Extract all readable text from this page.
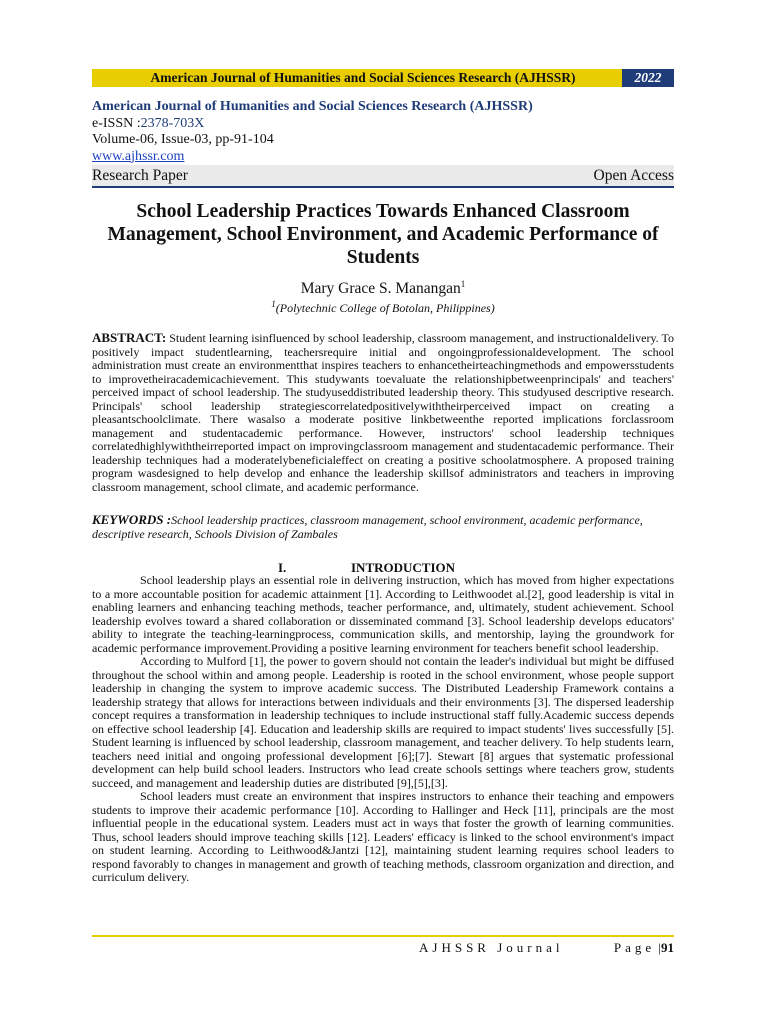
American Journal of Humanities and Social Sciences Research (AJHSSR)	2022
American Journal of Humanities and Social Sciences Research (AJHSSR)
e-ISSN :2378-703X
Volume-06, Issue-03, pp-91-104
www.ajhssr.com
Research Paper	Open Access
School Leadership Practices Towards Enhanced Classroom Management, School Environment, and Academic Performance of Students
Mary Grace S. Manangan$^1$
$^1$(Polytechnic College of Botolan, Philippines)
ABSTRACT: Student learning isinfluenced by school leadership, classroom management, and instructionaldelivery. To positively impact studentlearning, teachersrequire initial and ongoingprofessionaldevelopment. The school administration must create an environmentthat inspires teachers to enhancetheirteachingmethods and empowersstudents to improvetheiracademicachievement. This studywants toevaluate the relationshipbetweenprincipals' and teachers' perceived impact of school leadership. The studyuseddistributed leadership theory. This studyused descriptive research. Principals' school leadership strategiescorrelatedpositivelywiththeirperceived impact on creating a pleasantschoolclimate. There wasalso a moderate positive linkbetweenthe reported implications forclassroom management and studentacademic performance. However, instructors' school leadership techniques correlatedhighlywiththeirreported impact on improvingclassroom management and studentacademic performance. Their leadership techniques had a moderatelybeneficialeffect on creating a positive schoolatmosphere. A proposed training program wasdesigned to help develop and enhance the leadership skillsof administrators and teachers in improving classroom management, school climate, and academic performance.
KEYWORDS :School leadership practices, classroom management, school environment, academic performance, descriptive research, Schools Division of Zambales
I.	INTRODUCTION

School leadership plays an essential role in delivering instruction, which has moved from higher expectations to a more accountable position for academic attainment [1]. According to Leithwoodet al.[2], good leadership is vital in enabling learners and enhancing teaching methods, teacher performance, and, ultimately, student achievement. School leadership evolves toward a shared collaboration or disseminated command [3]. School leadership develops educators' ability to integrate the teaching-learningprocess, communication skills, and mentorship, laying the groundwork for academic performance improvement.Providing a positive learning environment for teachers benefit school leadership.

According to Mulford [1], the power to govern should not contain the leader's individual but might be diffused throughout the school within and among people. Leadership is rooted in the school environment, whose people support leadership in changing the system to improve academic success. The Distributed Leadership Framework contains a leadership strategy that allows for interactions between individuals and their environments [3]. The dispersed leadership concept requires a transformation in leadership techniques to include instructional staff fully.Academic success depends on effective school leadership [4]. Education and leadership skills are required to impact students' lives successfully [5]. Student learning is influenced by school leadership, classroom management, and teacher delivery. To help students learn, teachers need initial and ongoing professional development [6];[7]. Stewart [8] argues that systematic professional development can help build school leaders. Instructors who lead create schools settings where teachers grow, students succeed, and management and leadership duties are distributed [9],[5],[3].

School leaders must create an environment that inspires instructors to enhance their teaching and empowers students to improve their academic performance [10]. According to Hallinger and Heck [11], principals are the most influential people in the educational system. Leaders must act in ways that foster the growth of learning communities. Thus, school leaders should improve teaching skills [12]. Leaders' efficacy is linked to the school environment's impact on student learning. According to Leithwood&Jantzi [12], maintaining student learning requires school leaders to respond favorably to changes in management and growth of teaching methods, classroom organization and direction, and curriculum delivery.

AJHSSR Journal	Page |91
